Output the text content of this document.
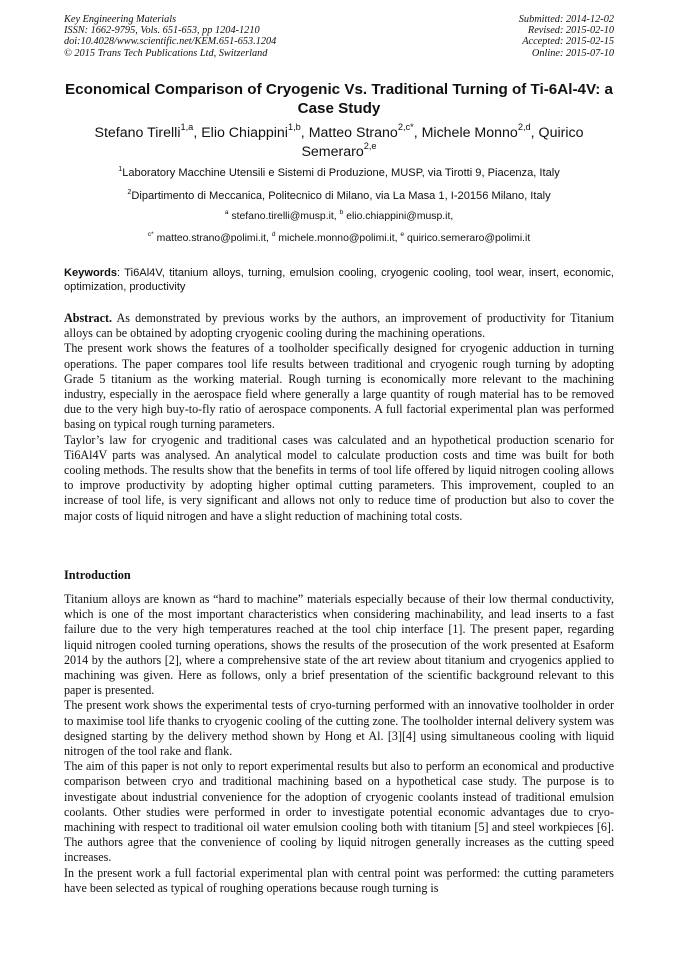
Key Engineering Materials
ISSN: 1662-9795, Vols. 651-653, pp 1204-1210
doi:10.4028/www.scientific.net/KEM.651-653.1204
© 2015 Trans Tech Publications Ltd, Switzerland
Submitted: 2014-12-02
Revised: 2015-02-10
Accepted: 2015-02-15
Online: 2015-07-10
Economical Comparison of Cryogenic Vs. Traditional Turning of Ti-6Al-4V: a Case Study
Stefano Tirelli$^{1,a}$, Elio Chiappini$^{1,b}$, Matteo Strano$^{2,c*}$, Michele Monno$^{2,d}$, Quirico Semeraro$^{2,e}$
$^1$Laboratory Macchine Utensili e Sistemi di Produzione, MUSP, via Tirotti 9, Piacenza, Italy
$^2$Dipartimento di Meccanica, Politecnico di Milano, via La Masa 1, I-20156 Milano, Italy
$^a$ stefano.tirelli@musp.it, $^b$ elio.chiappini@musp.it,
$^{c*}$ matteo.strano@polimi.it, $^d$ michele.monno@polimi.it, $^e$ quirico.semeraro@polimi.it
Keywords: Ti6Al4V, titanium alloys, turning, emulsion cooling, cryogenic cooling, tool wear, insert, economic, optimization, productivity

Abstract. As demonstrated by previous works by the authors, an improvement of productivity for Titanium alloys can be obtained by adopting cryogenic cooling during the machining operations.

The present work shows the features of a toolholder specifically designed for cryogenic adduction in turning operations. The paper compares tool life results between traditional and cryogenic rough turning by adopting Grade 5 titanium as the working material. Rough turning is economically more relevant to the machining industry, especially in the aerospace field where generally a large quantity of rough material has to be removed due to the very high buy-to-fly ratio of aerospace components. A full factorial experimental plan was performed basing on typical rough turning parameters.

Taylor’s law for cryogenic and traditional cases was calculated and an hypothetical production scenario for Ti6Al4V parts was analysed. An analytical model to calculate production costs and time was built for both cooling methods. The results show that the benefits in terms of tool life offered by liquid nitrogen cooling allows to improve productivity by adopting higher optimal cutting parameters. This improvement, coupled to an increase of tool life, is very significant and allows not only to reduce time of production but also to cover the major costs of liquid nitrogen and have a slight reduction of machining total costs.

Introduction

Titanium alloys are known as “hard to machine” materials especially because of their low thermal conductivity, which is one of the most important characteristics when considering machinability, and lead inserts to a fast failure due to the very high temperatures reached at the tool chip interface [1]. The present paper, regarding liquid nitrogen cooled turning operations, shows the results of the prosecution of the work presented at Esaform 2014 by the authors [2], where a comprehensive state of the art review about titanium and cryogenics applied to machining was given. Here as follows, only a brief presentation of the scientific background relevant to this paper is presented.

The present work shows the experimental tests of cryo-turning performed with an innovative toolholder in order to maximise tool life thanks to cryogenic cooling of the cutting zone. The toolholder internal delivery system was designed starting by the delivery method shown by Hong et Al. [3][4] using simultaneous cooling with liquid nitrogen of the tool rake and flank.

The aim of this paper is not only to report experimental results but also to perform an economical and productive comparison between cryo and traditional machining based on a hypothetical case study. The purpose is to investigate about industrial convenience for the adoption of cryogenic coolants instead of traditional emulsion coolants. Other studies were performed in order to investigate potential economic advantages due to cryo-machining with respect to traditional oil water emulsion cooling both with titanium [5] and steel workpieces [6]. The authors agree that the convenience of cooling by liquid nitrogen generally increases as the cutting speed increases.

In the present work a full factorial experimental plan with central point was performed: the cutting parameters have been selected as typical of roughing operations because rough turning is
